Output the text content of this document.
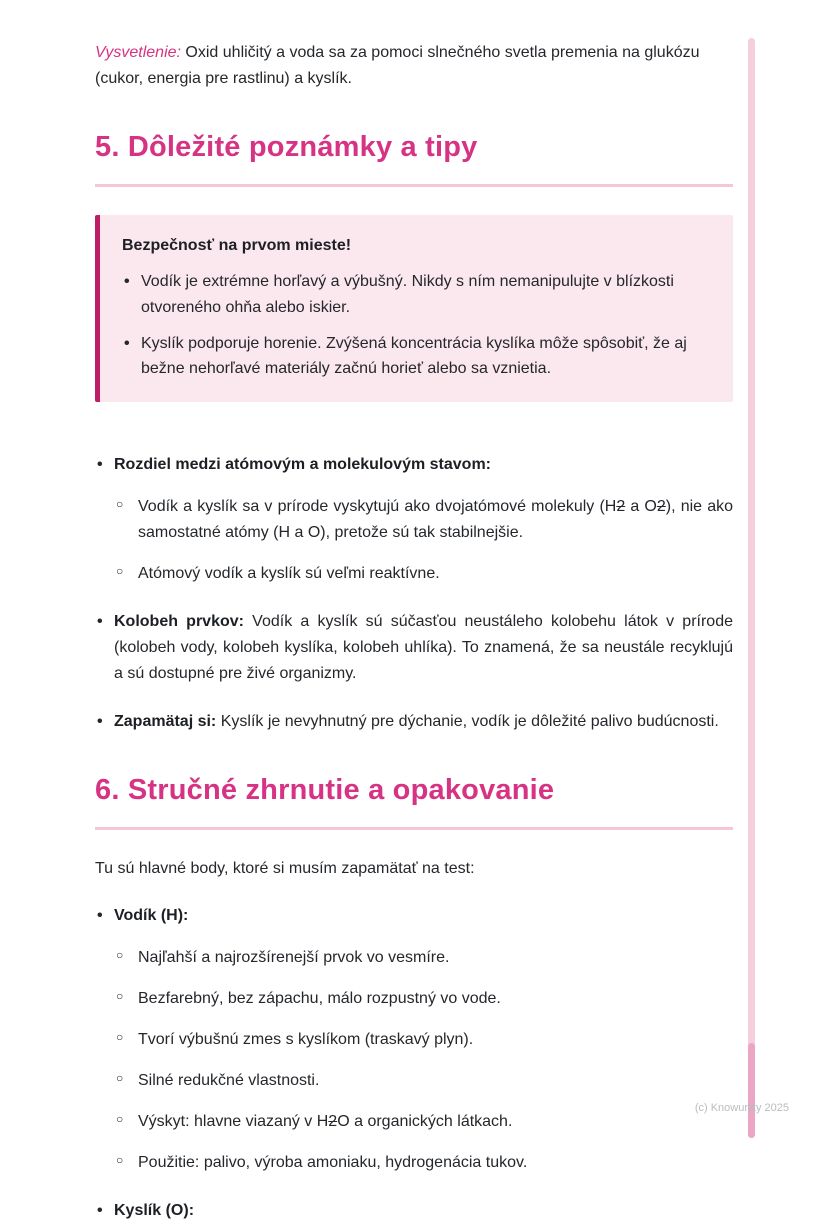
Vysvetlenie: Oxid uhličitý a voda sa za pomoci slnečného svetla premenia na glukózu (cukor, energia pre rastlinu) a kyslík.

5. Dôležité poznámky a tipy

Bezpečnosť na prvom mieste!

• Vodík je extrémne horľavý a výbušný. Nikdy s ním nemanipulujte v blízkosti otvoreného ohňa alebo iskier.
• Kyslík podporuje horenie. Zvýšená koncentrácia kyslíka môže spôsobiť, že aj bežne nehorľavé materiály začnú horieť alebo sa vznietia.
• Rozdiel medzi atómovým a molekulovým stavom:
○ Vodík a kyslík sa v prírode vyskytujú ako dvojatómové molekuly (H2 a O2), nie ako samostatné atómy (H a O), pretože sú tak stabilnejšie.
○ Atómový vodík a kyslík sú veľmi reaktívne.
• Kolobeh prvkov: Vodík a kyslík sú súčasťou neustáleho kolobehu látok v prírode (kolobeh vody, kolobeh kyslíka, kolobeh uhlíka). To znamená, že sa neustále recyklujú a sú dostupné pre živé organizmy.
• Zapamätaj si: Kyslík je nevyhnutný pre dýchanie, vodík je dôležité palivo budúcnosti.
6. Stručné zhrnutie a opakovanie

Tu sú hlavné body, ktoré si musím zapamätať na test:

• Vodík (H):
○ Najľahší a najrozšírenejší prvok vo vesmíre.
○ Bezfarebný, bez zápachu, málo rozpustný vo vode.
○ Tvorí výbušnú zmes s kyslíkom (traskavý plyn).
○ Silné redukčné vlastnosti.
○ Výskyt: hlavne viazaný v H2O a organických látkach.
○ Použitie: palivo, výroba amoniaku, hydrogenácia tukov.
• Kyslík (O):
(c) Knowunity 2025
